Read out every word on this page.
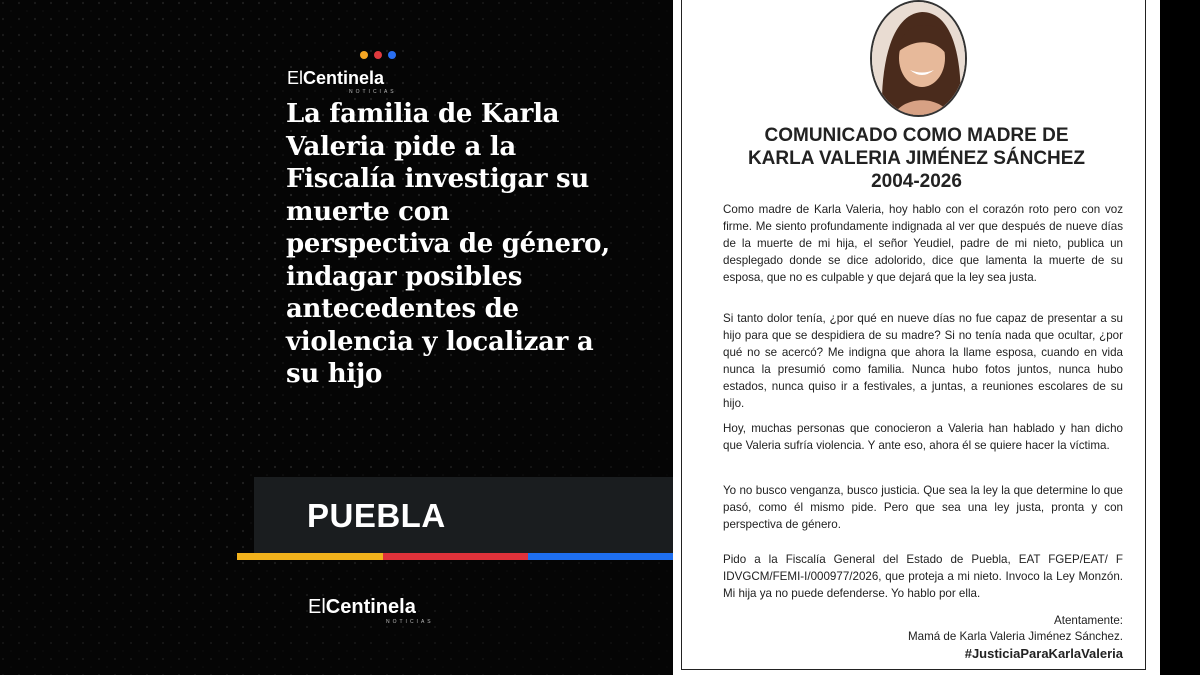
ElCentinela
NOTICIAS
La familia de Karla Valeria pide a la Fiscalía investigar su muerte con perspectiva de género, indagar posibles antecedentes de violencia y localizar a su hijo

PUEBLA

ElCentinela
NOTICIAS
COMUNICADO COMO MADRE DE
KARLA VALERIA JIMÉNEZ SÁNCHEZ
2004-2026

Como madre de Karla Valeria, hoy hablo con el corazón roto pero con voz firme. Me siento profundamente indignada al ver que después de nueve días de la muerte de mi hija, el señor Yeudiel, padre de mi nieto, publica un desplegado donde se dice adolorido, dice que lamenta la muerte de su esposa, que no es culpable y que dejará que la ley sea justa.

Si tanto dolor tenía, ¿por qué en nueve días no fue capaz de presentar a su hijo para que se despidiera de su madre? Si no tenía nada que ocultar, ¿por qué no se acercó? Me indigna que ahora la llame esposa, cuando en vida nunca la presumió como familia. Nunca hubo fotos juntos, nunca hubo estados, nunca quiso ir a festivales, a juntas, a reuniones escolares de su hijo.

Hoy, muchas personas que conocieron a Valeria han hablado y han dicho que Valeria sufría violencia. Y ante eso, ahora él se quiere hacer la víctima.

Yo no busco venganza, busco justicia. Que sea la ley la que determine lo que pasó, como él mismo pide. Pero que sea una ley justa, pronta y con perspectiva de género.

Pido a la Fiscalía General del Estado de Puebla, EAT FGEP/EAT/ F IDVGCM/FEMI-I/000977/2026, que proteja a mi nieto. Invoco la Ley Monzón. Mi hija ya no puede defenderse. Yo hablo por ella.

Atentamente:

Mamá de Karla Valeria Jiménez Sánchez.

#JusticiaParaKarlaValeria
